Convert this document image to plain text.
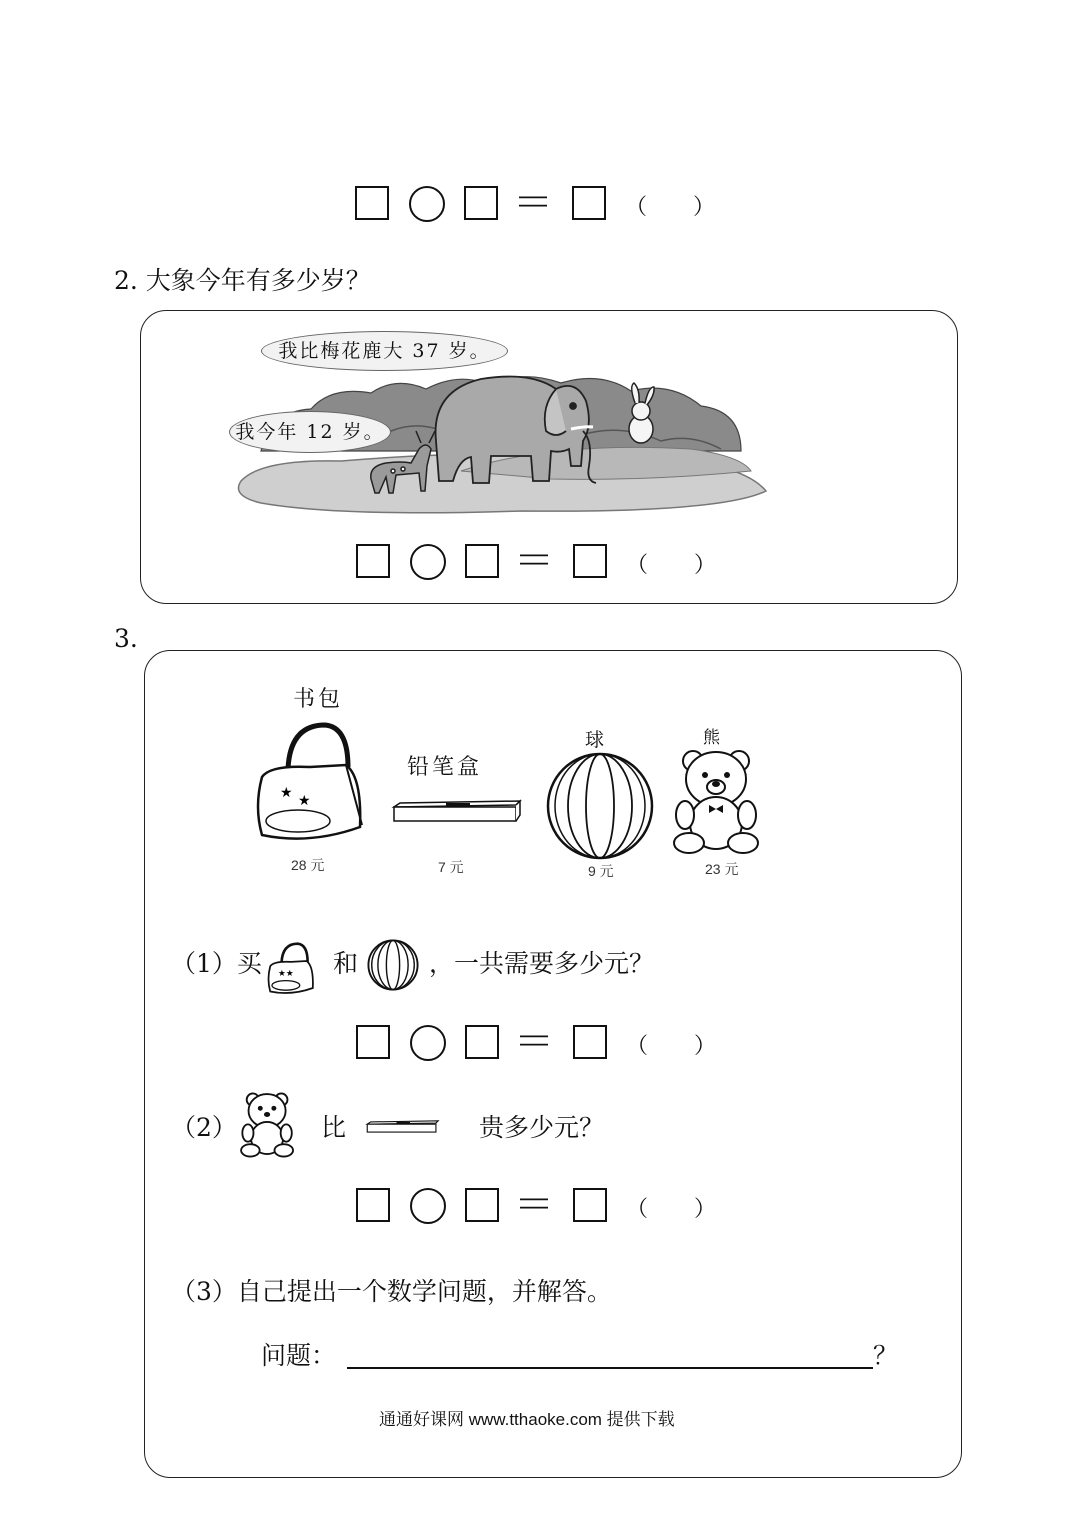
＝	（ ）
2. 大象今年有多少岁？
我比梅花鹿大 37 岁。
我今年 12 岁。
＝	（ ）
3.
书包
铅笔盒
球	熊
★ ★
28 元	7 元	9 元	23 元
（1）买 ★★ 和	，一共需要多少元？
＝	（ ）
（2）	比	贵多少元？
＝	（ ）
（3）自己提出一个数学问题，并解答。
问题：	？
通通好课网 www.tthaoke.com 提供下载
